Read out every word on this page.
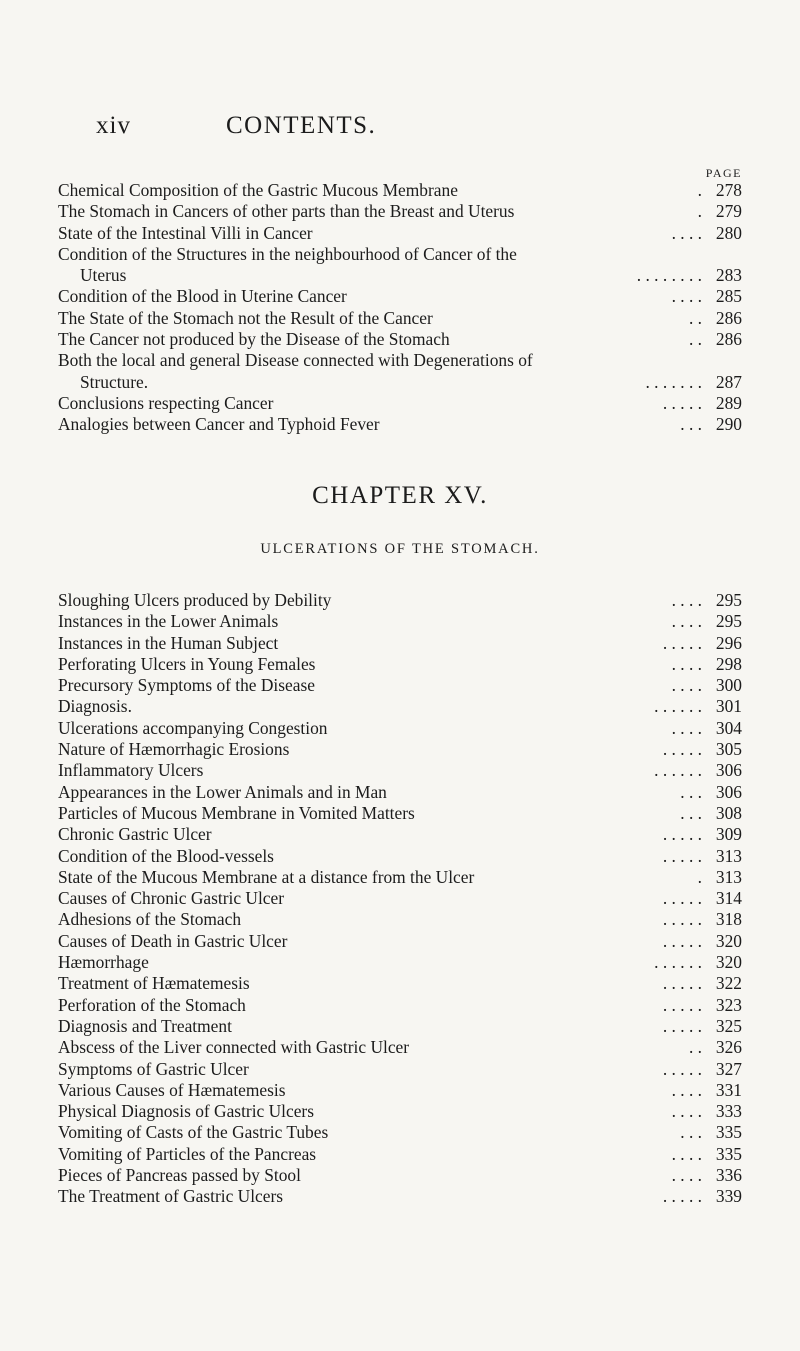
xiv	CONTENTS.
PAGE
Chemical Composition of the Gastric Mucous Membrane	. 278
The Stomach in Cancers of other parts than the Breast and Uterus	. 279
State of the Intestinal Villi in Cancer	. . . . 280
Condition of the Structures in the neighbourhood of Cancer of the
Uterus	. . . . . . . . 283
Condition of the Blood in Uterine Cancer	. . . . 285
The State of the Stomach not the Result of the Cancer	. . 286
The Cancer not produced by the Disease of the Stomach	. . 286
Both the local and general Disease connected with Degenerations of
Structure.	. . . . . . . 287
Conclusions respecting Cancer	. . . . . 289
Analogies between Cancer and Typhoid Fever	. . . 290
CHAPTER XV.
ULCERATIONS OF THE STOMACH.
Sloughing Ulcers produced by Debility	. . . . 295
Instances in the Lower Animals	. . . . 295
Instances in the Human Subject	. . . . . 296
Perforating Ulcers in Young Females	. . . . 298
Precursory Symptoms of the Disease	. . . . 300
Diagnosis.	. . . . . . 301
Ulcerations accompanying Congestion	. . . . 304
Nature of Hæmorrhagic Erosions	. . . . . 305
Inflammatory Ulcers	. . . . . . 306
Appearances in the Lower Animals and in Man	. . . 306
Particles of Mucous Membrane in Vomited Matters	. . . 308
Chronic Gastric Ulcer	. . . . . 309
Condition of the Blood-vessels	. . . . . 313
State of the Mucous Membrane at a distance from the Ulcer	. 313
Causes of Chronic Gastric Ulcer	. . . . . 314
Adhesions of the Stomach	. . . . . 318
Causes of Death in Gastric Ulcer	. . . . . 320
Hæmorrhage	. . . . . . 320
Treatment of Hæmatemesis	. . . . . 322
Perforation of the Stomach	. . . . . 323
Diagnosis and Treatment	. . . . . 325
Abscess of the Liver connected with Gastric Ulcer	. . 326
Symptoms of Gastric Ulcer	. . . . . 327
Various Causes of Hæmatemesis	. . . . 331
Physical Diagnosis of Gastric Ulcers	. . . . 333
Vomiting of Casts of the Gastric Tubes	. . . 335
Vomiting of Particles of the Pancreas	. . . . 335
Pieces of Pancreas passed by Stool	. . . . 336
The Treatment of Gastric Ulcers	. . . . . 339
